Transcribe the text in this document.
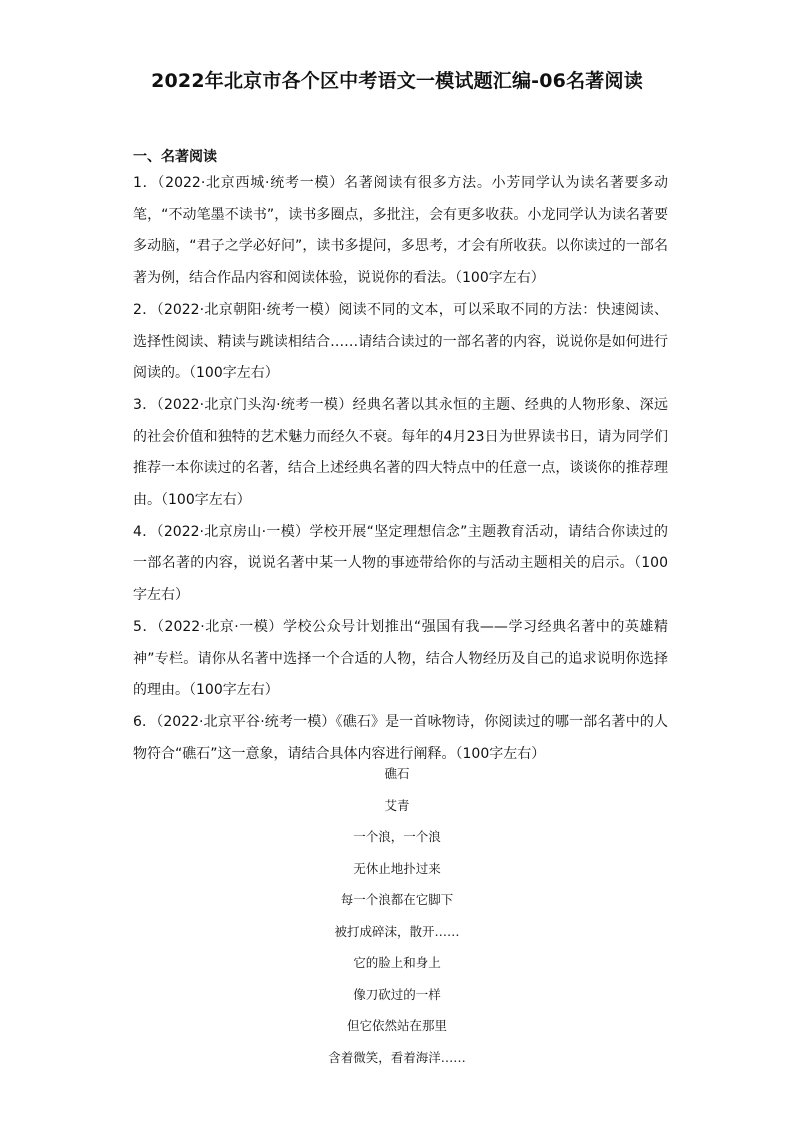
2022年北京市各个区中考语文一模试题汇编-06名著阅读
一、名著阅读

1．（2022·北京西城·统考一模）名著阅读有很多方法。小芳同学认为读名著要多动笔，“不动笔墨不读书”，读书多圈点，多批注，会有更多收获。小龙同学认为读名著要多动脑，“君子之学必好问”，读书多提问，多思考，才会有所收获。以你读过的一部名著为例，结合作品内容和阅读体验，说说你的看法。（100字左右）

2．（2022·北京朝阳·统考一模）阅读不同的文本，可以采取不同的方法：快速阅读、选择性阅读、精读与跳读相结合……请结合读过的一部名著的内容，说说你是如何进行阅读的。（100字左右）

3．（2022·北京门头沟·统考一模）经典名著以其永恒的主题、经典的人物形象、深远的社会价值和独特的艺术魅力而经久不衰。每年的4月23日为世界读书日，请为同学们推荐一本你读过的名著，结合上述经典名著的四大特点中的任意一点，谈谈你的推荐理由。（100字左右）

4．（2022·北京房山·一模）学校开展“坚定理想信念”主题教育活动，请结合你读过的一部名著的内容，说说名著中某一人物的事迹带给你的与活动主题相关的启示。（100字左右）

5．（2022·北京·一模）学校公众号计划推出“强国有我——学习经典名著中的英雄精神”专栏。请你从名著中选择一个合适的人物，结合人物经历及自己的追求说明你选择的理由。（100字左右）

6．（2022·北京平谷·统考一模）《礁石》是一首咏物诗，你阅读过的哪一部名著中的人物符合“礁石”这一意象，请结合具体内容进行阐释。（100字左右）

礁石
艾青
一个浪，一个浪
无休止地扑过来
每一个浪都在它脚下
被打成碎沫，散开……
它的脸上和身上
像刀砍过的一样
但它依然站在那里
含着微笑，看着海洋……
